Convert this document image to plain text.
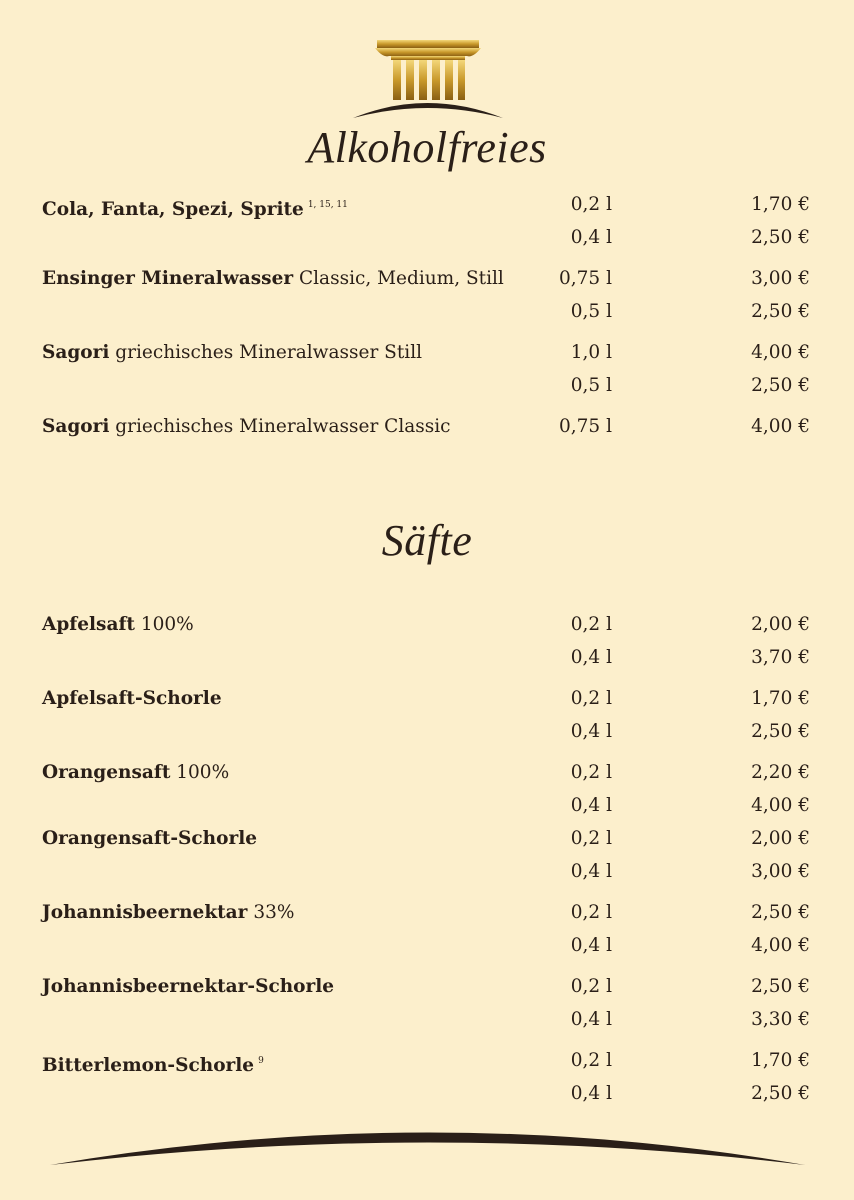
Alkoholfreies
Säfte
Cola, Fanta, Spezi, Sprite $^{1, 15, 11}$	0,2 l	1,70 €
0,4 l	2,50 €
Ensinger Mineralwasser Classic, Medium, Still	0,75 l	3,00 €
0,5 l	2,50 €
Sagori griechisches Mineralwasser Still	1,0 l	4,00 €
0,5 l	2,50 €
Sagori griechisches Mineralwasser Classic	0,75 l	4,00 €
Apfelsaft 100%	0,2 l	2,00 €
0,4 l	3,70 €
Apfelsaft-Schorle	0,2 l	1,70 €
0,4 l	2,50 €
Orangensaft 100%	0,2 l	2,20 €
0,4 l	4,00 €
Orangensaft-Schorle	0,2 l	2,00 €
0,4 l	3,00 €
Johannisbeernektar 33%	0,2 l	2,50 €
0,4 l	4,00 €
Johannisbeernektar-Schorle	0,2 l	2,50 €
0,4 l	3,30 €
Bitterlemon-Schorle $^9$	0,2 l	1,70 €
0,4 l	2,50 €
